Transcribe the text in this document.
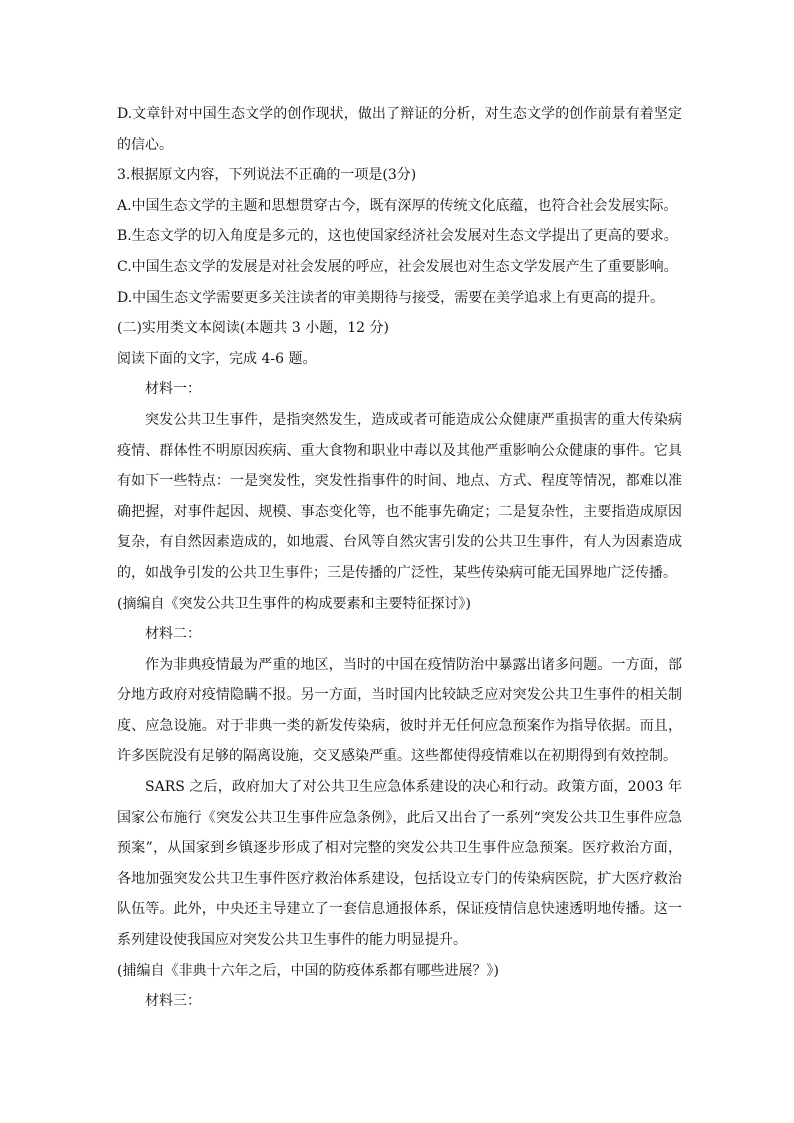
D.文章针对中国生态文学的创作现状，做出了辩证的分析，对生态文学的创作前景有着坚定的信心。

3.根据原文内容，下列说法不正确的一项是(3分)

A.中国生态文学的主题和思想贯穿古今，既有深厚的传统文化底蕴，也符合社会发展实际。

B.生态文学的切入角度是多元的，这也使国家经济社会发展对生态文学提出了更高的要求。

C.中国生态文学的发展是对社会发展的呼应，社会发展也对生态文学发展产生了重要影响。

D.中国生态文学需要更多关注读者的审美期待与接受，需要在美学追求上有更高的提升。

(二)实用类文本阅读(本题共 3 小题，12 分)

阅读下面的文字，完成 4-6 题。

材料一：

突发公共卫生事件，是指突然发生，造成或者可能造成公众健康严重损害的重大传染病疫情、群体性不明原因疾病、重大食物和职业中毒以及其他严重影响公众健康的事件。它具有如下一些特点：一是突发性，突发性指事件的时间、地点、方式、程度等情况，都难以准确把握，对事件起因、规模、事态变化等，也不能事先确定；二是复杂性，主要指造成原因复杂，有自然因素造成的，如地震、台风等自然灾害引发的公共卫生事件，有人为因素造成的，如战争引发的公共卫生事件；三是传播的广泛性，某些传染病可能无国界地广泛传播。

(摘编自《突发公共卫生事件的构成要素和主要特征探讨》)

材料二：

作为非典疫情最为严重的地区，当时的中国在疫情防治中暴露出诸多问题。一方面，部分地方政府对疫情隐瞒不报。另一方面，当时国内比较缺乏应对突发公共卫生事件的相关制度、应急设施。对于非典一类的新发传染病，彼时并无任何应急预案作为指导依据。而且，许多医院没有足够的隔离设施，交叉感染严重。这些都使得疫情难以在初期得到有效控制。

SARS 之后，政府加大了对公共卫生应急体系建设的决心和行动。政策方面，2003 年国家公布施行《突发公共卫生事件应急条例》，此后又出台了一系列“突发公共卫生事件应急预案”，从国家到乡镇逐步形成了相对完整的突发公共卫生事件应急预案。医疗救治方面，各地加强突发公共卫生事件医疗救治体系建设，包括设立专门的传染病医院，扩大医疗救治队伍等。此外，中央还主导建立了一套信息通报体系，保证疫情信息快速透明地传播。这一系列建设使我国应对突发公共卫生事件的能力明显提升。

(捕编自《非典十六年之后，中国的防疫体系都有哪些进展？》)

材料三：
